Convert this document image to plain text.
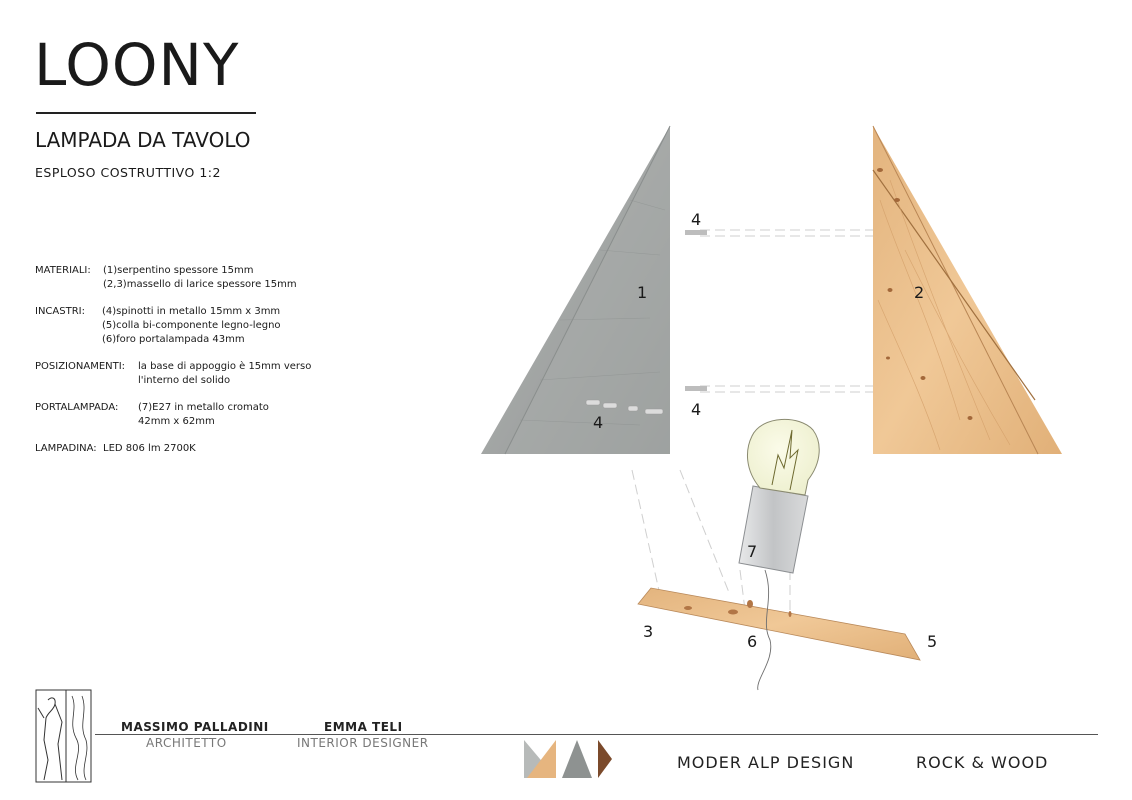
LOONY
LAMPADA DA TAVOLO
ESPLOSO COSTRUTTIVO 1:2
MATERIALI: (1)serpentino spessore 15mm
(2,3)massello di larice spessore 15mm
INCASTRI: (4)spinotti in metallo 15mm x 3mm
(5)colla bi-componente legno-legno
(6)foro portalampada 43mm
POSIZIONAMENTI: la base di appoggio è 15mm verso
l'interno del solido
PORTALAMPADA: (7)E27 in metallo cromato
42mm x 62mm
LAMPADINA: LED 806 lm 2700K
1	2
4
4
4
7
3
6	5
MASSIMO PALLADINI
ARCHITETTO
EMMA TELI
INTERIOR DESIGNER
MODER ALP DESIGN	ROCK & WOOD
